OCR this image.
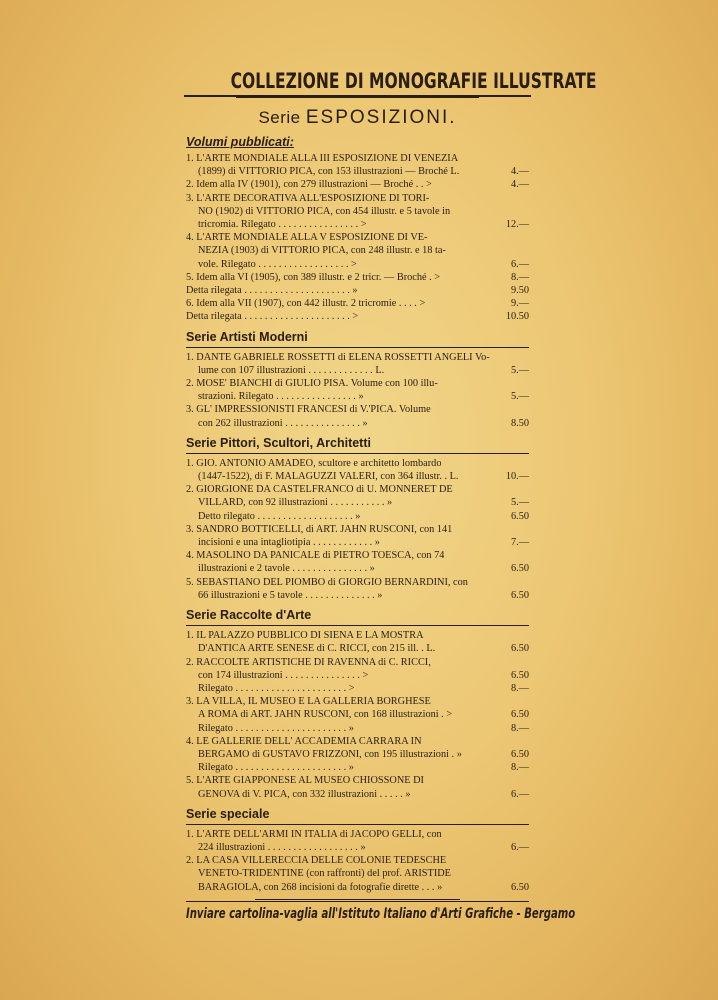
COLLEZIONE DI MONOGRAFIE ILLUSTRATE
Serie ESPOSIZIONI.
Volumi pubblicati:
1. L'ARTE MONDIALE ALLA III ESPOSIZIONE DI VENEZIA
(1899) di VITTORIO PICA, con 153 illustrazioni — Broché L.	4.—
2. Idem alla IV (1901), con 279 illustrazioni — Broché . . >	4.—
3. L'ARTE DECORATIVA ALL'ESPOSIZIONE DI TORI-
NO (1902) di VITTORIO PICA, con 454 illustr. e 5 tavole in
tricromia. Rilegato . . . . . . . . . . . . . . . . >	12.—
4. L'ARTE MONDIALE ALLA V ESPOSIZIONE DI VE-
NEZIA (1903) di VITTORIO PICA, con 248 illustr. e 18 ta-
vole. Rilegato . . . . . . . . . . . . . . . . . . >	6.—
5. Idem alla VI (1905), con 389 illustr. e 2 tricr. — Broché . >	8.—
Detta rilegata . . . . . . . . . . . . . . . . . . . . . »	9.50
6. Idem alla VII (1907), con 442 illustr. 2 tricromie . . . . >	9.—
Detta rilegata . . . . . . . . . . . . . . . . . . . . . >	10.50
Serie Artisti Moderni
1. DANTE GABRIELE ROSSETTI di ELENA ROSSETTI ANGELI Vo-
lume con 107 illustrazioni . . . . . . . . . . . . . L.	5.—
2. MOSE' BIANCHI di GIULIO PISA. Volume con 100 illu-
strazioni. Rilegato . . . . . . . . . . . . . . . . »	5.—
3. GL' IMPRESSIONISTI FRANCESI di V.'PICA. Volume
con 262 illustrazioni . . . . . . . . . . . . . . . »	8.50
Serie Pittori, Scultori, Architetti
1. GIO. ANTONIO AMADEO, scultore e architetto lombardo
(1447-1522), di F. MALAGUZZI VALERI, con 364 illustr. . L.	10.—
2. GIORGIONE DA CASTELFRANCO di U. MONNERET DE
VILLARD, con 92 illustrazioni . . . . . . . . . . . »	5.—
Detto rilegato . . . . . . . . . . . . . . . . . . . »	6.50
3. SANDRO BOTTICELLI, di ART. JAHN RUSCONI, con 141
incisioni e una intagliotipia . . . . . . . . . . . . »	7.—
4. MASOLINO DA PANICALE di PIETRO TOESCA, con 74
illustrazioni e 2 tavole . . . . . . . . . . . . . . . »	6.50
5. SEBASTIANO DEL PIOMBO di GIORGIO BERNARDINI, con
66 illustrazioni e 5 tavole . . . . . . . . . . . . . . »	6.50
Serie Raccolte d'Arte
1. IL PALAZZO PUBBLICO DI SIENA E LA MOSTRA
D'ANTICA ARTE SENESE di C. RICCI, con 215 ill. . L.	6.50
2. RACCOLTE ARTISTICHE DI RAVENNA di C. RICCI,
con 174 illustrazioni . . . . . . . . . . . . . . . >	6.50
Rilegato . . . . . . . . . . . . . . . . . . . . . . >	8.—
3. LA VILLA, IL MUSEO E LA GALLERIA BORGHESE
A ROMA di ART. JAHN RUSCONI, con 168 illustrazioni . >	6.50
Rilegato . . . . . . . . . . . . . . . . . . . . . . »	8.—
4. LE GALLERIE DELL' ACCADEMIA CARRARA IN
BERGAMO di GUSTAVO FRIZZONI, con 195 illustrazioni . »	6.50
Rilegato . . . . . . . . . . . . . . . . . . . . . . »	8.—
5. L'ARTE GIAPPONESE AL MUSEO CHIOSSONE DI
GENOVA di V. PICA, con 332 illustrazioni . . . . . »	6.—
Serie speciale
1. L'ARTE DELL'ARMI IN ITALIA di JACOPO GELLI, con
224 illustrazioni . . . . . . . . . . . . . . . . . . »	6.—
2. LA CASA VILLERECCIA DELLE COLONIE TEDESCHE
VENETO-TRIDENTINE (con raffronti) del prof. ARISTIDE
BARAGIOLA, con 268 incisioni da fotografie dirette . . . »	6.50
Inviare cartolina-vaglia all'Istituto Italiano d'Arti Grafiche - Bergamo
